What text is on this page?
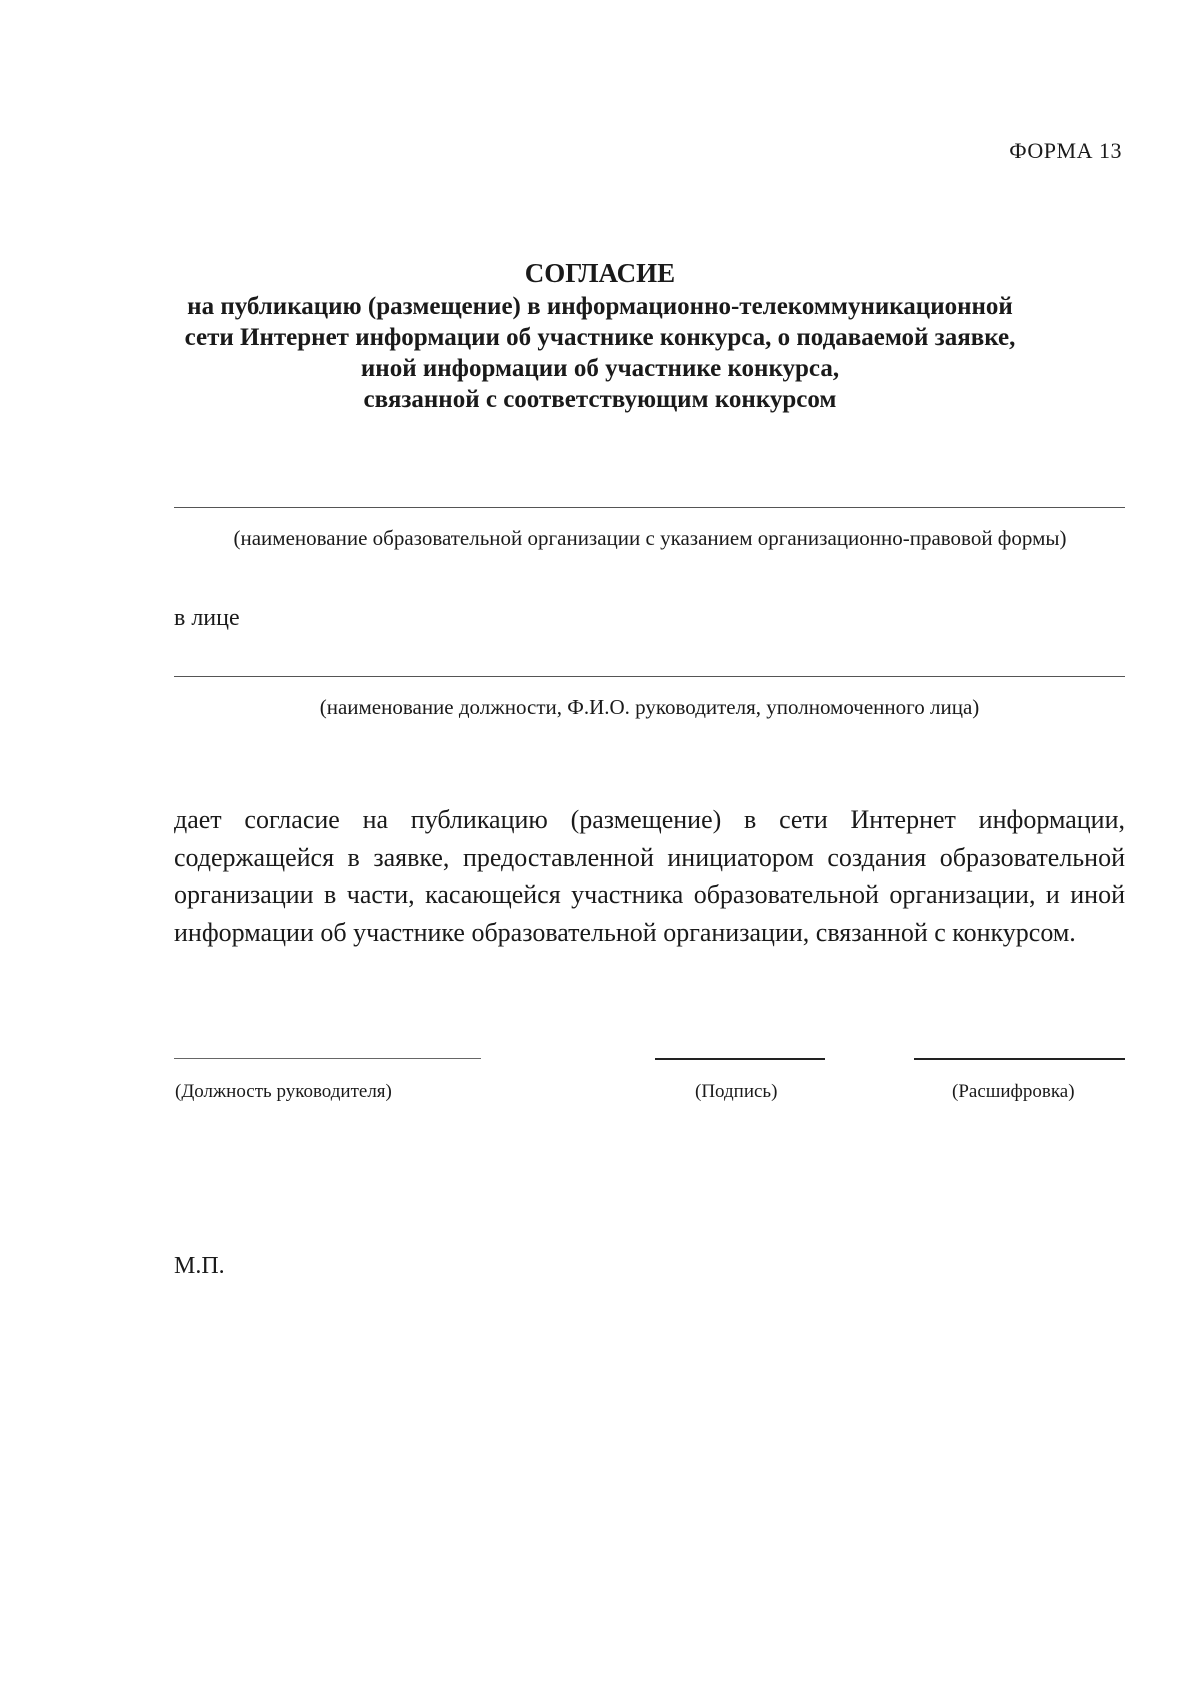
ФОРМА 13
СОГЛАСИЕ
на публикацию (размещение) в информационно-телекоммуникационной
сети Интернет информации об участнике конкурса, о подаваемой заявке,
иной информации об участнике конкурса,
связанной с соответствующим конкурсом
(наименование образовательной организации с указанием организационно-правовой формы)
в лице
(наименование должности, Ф.И.О. руководителя, уполномоченного лица)
дает согласие на публикацию (размещение) в сети Интернет информации, содержащейся в заявке, предоставленной инициатором создания образовательной организации в части, касающейся участника образовательной организации, и иной информации об участнике образовательной организации, связанной с конкурсом.
(Должность руководителя)	(Подпись)	(Расшифровка)
М.П.
